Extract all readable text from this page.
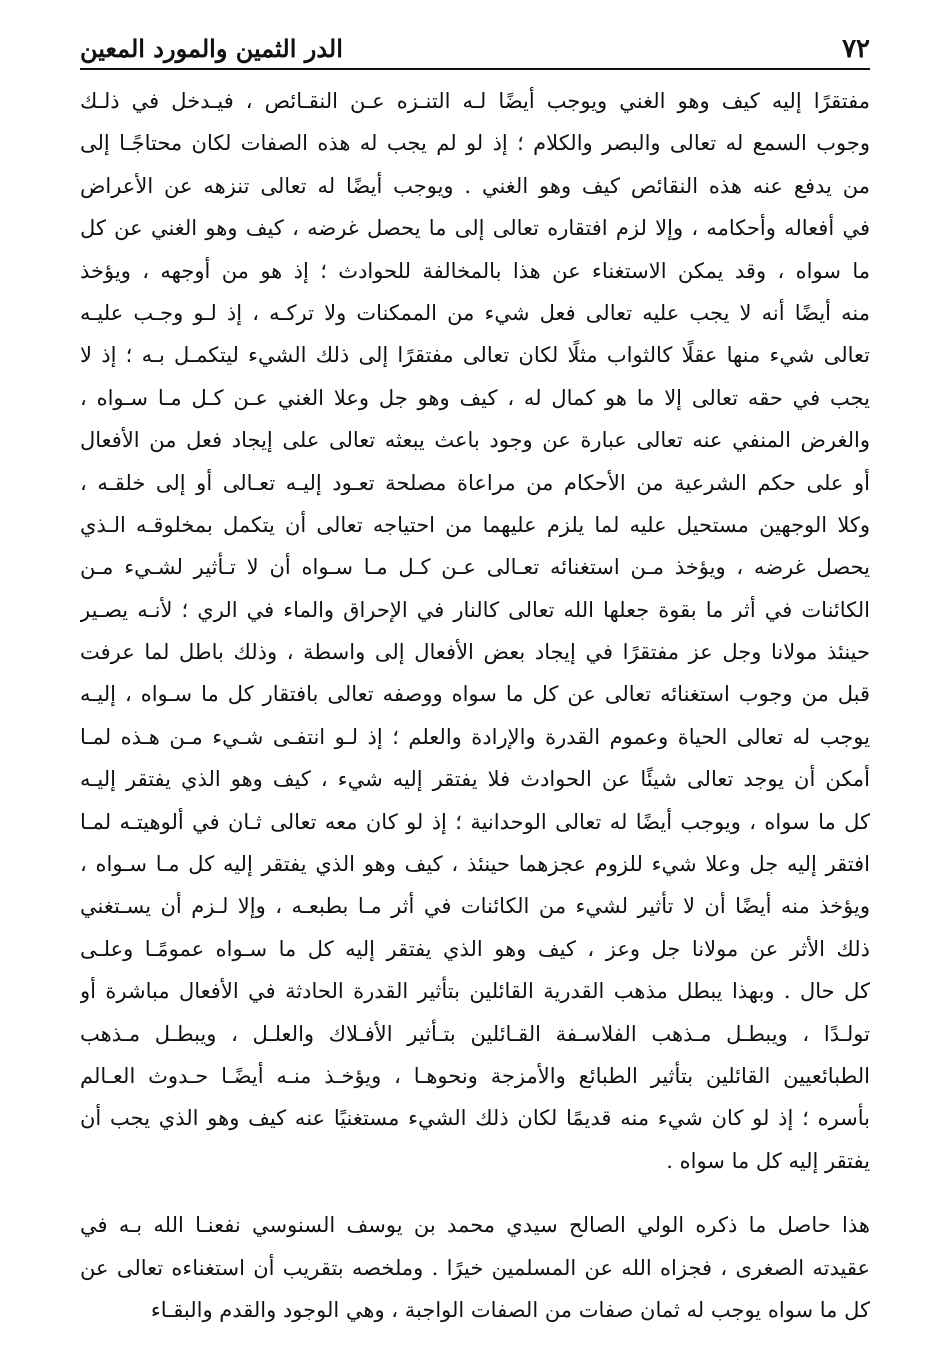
٧٢
الدر الثمين والمورد المعين
مفتقرًا إليه كيف وهو الغني ويوجب أيضًا لـه التنـزه عـن النقـائص ، فيـدخل في ذلـك
وجوب السمع له تعالى والبصر والكلام ؛ إذ لو لم يجب له هذه الصفات لكان محتاجًـا إلى
من يدفع عنه هذه النقائص كيف وهو الغني . ويوجب أيضًا له تعالى تنزهه عن الأعراض
في أفعاله وأحكامه ، وإلا لزم افتقاره تعالى إلى ما يحصل غرضه ، كيف وهو الغني عن كل
ما سواه ، وقد يمكن الاستغناء عن هذا بالمخالفة للحوادث ؛ إذ هو من أوجهه ، ويؤخذ
منه أيضًا أنه لا يجب عليه تعالى فعل شيء من الممكنات ولا تركـه ، إذ لـو وجـب عليـه
تعالى شيء منها عقلًا كالثواب مثلًا لكان تعالى مفتقرًا إلى ذلك الشيء ليتكمـل بـه ؛ إذ لا
يجب في حقه تعالى إلا ما هو كمال له ، كيف وهو جل وعلا الغني عـن كـل مـا سـواه ،
والغرض المنفي عنه تعالى عبارة عن وجود باعث يبعثه تعالى على إيجاد فعل من الأفعال
أو على حكم الشرعية من الأحكام من مراعاة مصلحة تعـود إليـه تعـالى أو إلى خلقـه ،
وكلا الوجهين مستحيل عليه لما يلزم عليهما من احتياجه تعالى أن يتكمل بمخلوقـه الـذي
يحصل غرضه ، ويؤخذ مـن استغنائه تعـالى عـن كـل مـا سـواه أن لا تـأثير لشـيء مـن
الكائنات في أثر ما بقوة جعلها الله تعالى كالنار في الإحراق والماء في الري ؛ لأنـه يصـير
حينئذ مولانا وجل عز مفتقرًا في إيجاد بعض الأفعال إلى واسطة ، وذلك باطل لما عرفت
قبل من وجوب استغنائه تعالى عن كل ما سواه ووصفه تعالى بافتقار كل ما سـواه ، إليـه
يوجب له تعالى الحياة وعموم القدرة والإرادة والعلم ؛ إذ لـو انتفـى شـيء مـن هـذه لمـا
أمكن أن يوجد تعالى شيئًا عن الحوادث فلا يفتقر إليه شيء ، كيف وهو الذي يفتقر إليـه
كل ما سواه ، ويوجب أيضًا له تعالى الوحدانية ؛ إذ لو كان معه تعالى ثـان في ألوهيتـه لمـا
افتقر إليه جل وعلا شيء للزوم عجزهما حينئذ ، كيف وهو الذي يفتقر إليه كل مـا سـواه ،
ويؤخذ منه أيضًا أن لا تأثير لشيء من الكائنات في أثر مـا بطبعـه ، وإلا لـزم أن يسـتغني
ذلك الأثر عن مولانا جل وعز ، كيف وهو الذي يفتقر إليه كل ما سـواه عمومًـا وعلـى
كل حال . وبهذا يبطل مذهب القدرية القائلين بتأثير القدرة الحادثة في الأفعال مباشرة أو
تولـدًا ، ويبطـل مـذهب الفلاسـفة القـائلين بتـأثير الأفـلاك والعلـل ، ويبطـل مـذهب
الطبائعيين القائلين بتأثير الطبائع والأمزجة ونحوهـا ، ويؤخـذ منـه أيضًـا حـدوث العـالم
بأسره ؛ إذ لو كان شيء منه قديمًا لكان ذلك الشيء مستغنيًا عنه كيف وهو الذي يجب أن
يفتقر إليه كل ما سواه .
هذا حاصل ما ذكره الولي الصالح سيدي محمد بن يوسف السنوسي نفعنـا الله بـه في
عقيدته الصغرى ، فجزاه الله عن المسلمين خيرًا . وملخصه بتقريب أن استغناءه تعالى عن
كل ما سواه يوجب له ثمان صفات من الصفات الواجبة ، وهي الوجود والقدم والبقـاء
